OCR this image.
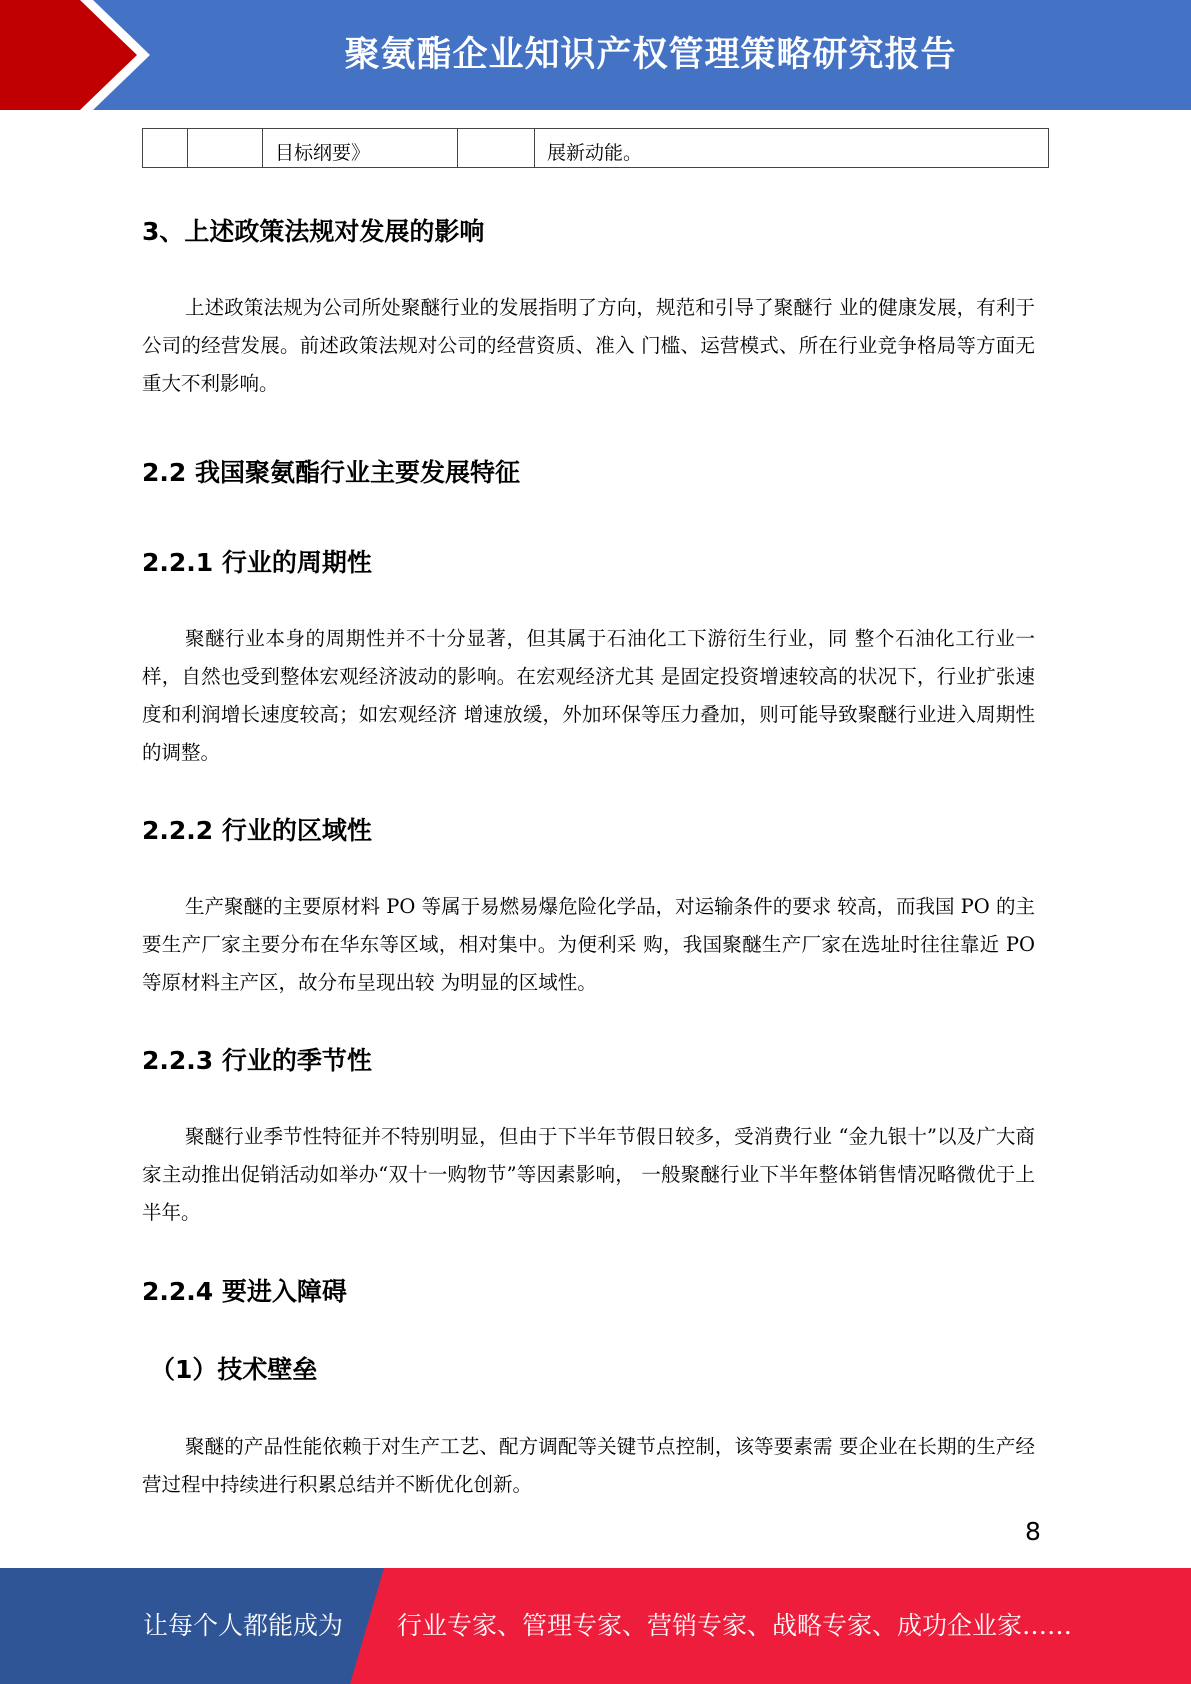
聚氨酯企业知识产权管理策略研究报告
		目标纲要》		展新动能。
3、上述政策法规对发展的影响

上述政策法规为公司所处聚醚行业的发展指明了方向，规范和引导了聚醚行 业的健康发展，有利于公司的经营发展。前述政策法规对公司的经营资质、准入 门槛、运营模式、所在行业竞争格局等方面无重大不利影响。

2.2 我国聚氨酯行业主要发展特征
2.2.1 行业的周期性

聚醚行业本身的周期性并不十分显著，但其属于石油化工下游衍生行业，同 整个石油化工行业一样，自然也受到整体宏观经济波动的影响。在宏观经济尤其 是固定投资增速较高的状况下，行业扩张速度和利润增长速度较高；如宏观经济 增速放缓，外加环保等压力叠加，则可能导致聚醚行业进入周期性的调整。

2.2.2 行业的区域性

生产聚醚的主要原材料 PO 等属于易燃易爆危险化学品，对运输条件的要求 较高，而我国 PO 的主要生产厂家主要分布在华东等区域，相对集中。为便利采 购，我国聚醚生产厂家在选址时往往靠近 PO 等原材料主产区，故分布呈现出较 为明显的区域性。

2.2.3 行业的季节性

聚醚行业季节性特征并不特别明显，但由于下半年节假日较多，受消费行业 “金九银十”以及广大商家主动推出促销活动如举办“双十一购物节”等因素影响， 一般聚醚行业下半年整体销售情况略微优于上半年。

2.2.4 要进入障碍
（1）技术壁垒

聚醚的产品性能依赖于对生产工艺、配方调配等关键节点控制，该等要素需 要企业在长期的生产经营过程中持续进行积累总结并不断优化创新。

8
让每个人都能成为 行业专家、管理专家、营销专家、战略专家、成功企业家……
